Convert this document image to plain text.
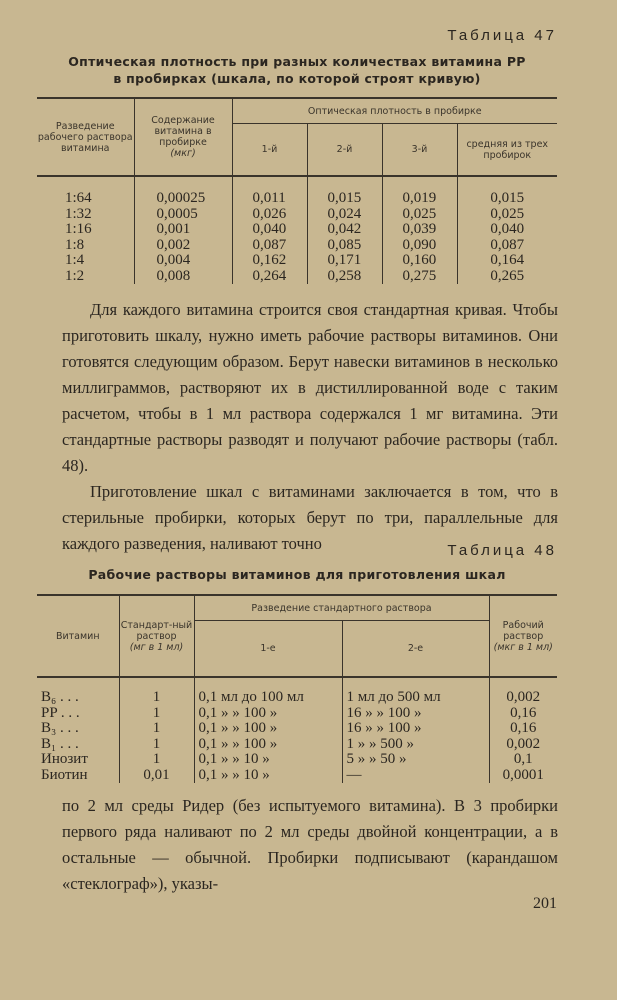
Таблица 47
Оптическая плотность при разных количествах витамина PP
в пробирках (шкала, по которой строят кривую)
Разведение рабочего раствора витамина	Содержание витамина в пробирке
(мкг)	Оптическая плотность в пробирке			
		1-й	2-й	3-й	средняя из трех пробирок
1:64	0,00025	0,011	0,015	0,019	0,015
1:32	0,0005	0,026	0,024	0,025	0,025
1:16	0,001	0,040	0,042	0,039	0,040
1:8	0,002	0,087	0,085	0,090	0,087
1:4	0,004	0,162	0,171	0,160	0,164
1:2	0,008	0,264	0,258	0,275	0,265

Для каждого витамина строится своя стандартная кривая. Чтобы приготовить шкалу, нужно иметь рабочие растворы витаминов. Они готовятся следующим образом. Берут навески витаминов в несколько миллиграммов, растворяют их в дистиллированной воде с таким расчетом, чтобы в 1 мл раствора содержался 1 мг витамина. Эти стандартные растворы разводят и получают рабочие растворы (табл. 48).

Приготовление шкал с витаминами заключается в том, что в стерильные пробирки, которых берут по три, параллельные для каждого разведения, наливают точно	Таблица 48
Рабочие растворы витаминов для приготовления шкал
Витамин	Стандарт-ный раствор
(мг в 1 мл)	Разведение стандартного раствора		Рабочий раствор
(мкг в 1 мл)
		1-е	2-е	
B₆ . . .	1	0,1 мл до 100 мл	1 мл до 500 мл	0,002
PP . . .	1	0,1 » » 100 »	16 » » 100 »	0,16
B₃ . . .	1	0,1 » » 100 »	16 » » 100 »	0,16
B₁ . . .	1	0,1 » » 100 »	1 » » 500 »	0,002
Инозит	1	0,1 » » 10 »	5 » » 50 »	0,1
Биотин	0,01	0,1 » » 10 »	—	0,0001

по 2 мл среды Ридер (без испытуемого витамина). В 3 пробирки первого ряда наливают по 2 мл среды двойной концентрации, а в остальные — обычной. Пробирки подписывают (карандашом «стеклограф»), указы-

201
